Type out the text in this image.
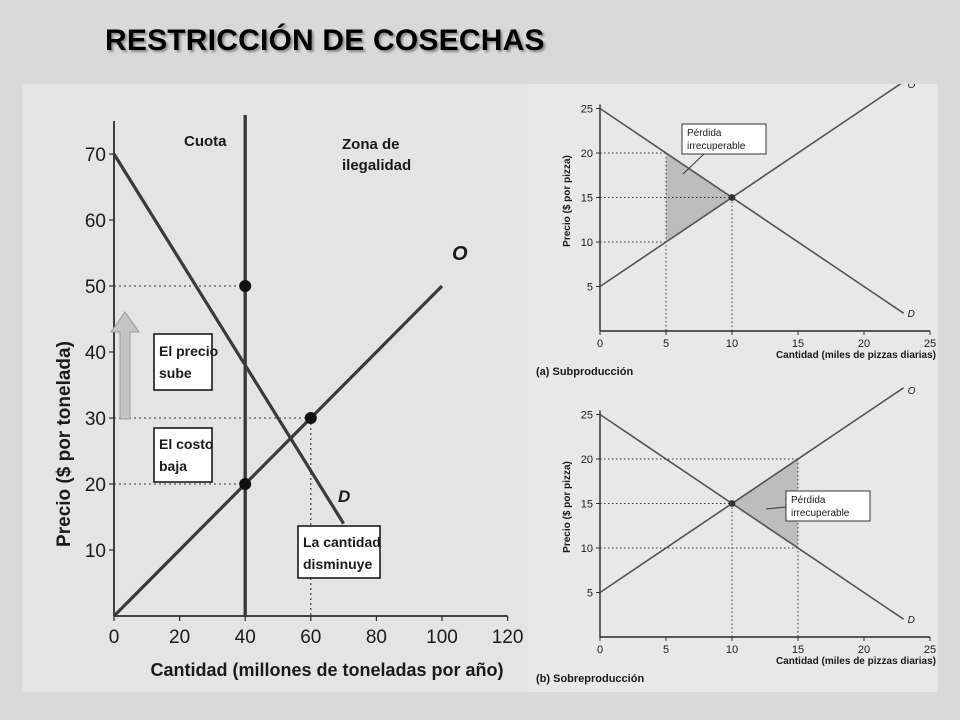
RESTRICCIÓN DE COSECHAS
0	20 40 60 80 100 120
10
20
30
40
50
60
70
Precio ($ por tonelada)
Cantidad (millones de toneladas por año)
Cuota
O
D
Zona de
ilegalidad
El precio
sube
El costo
baja
La cantidad
disminuye
0	5	10	15	20	25
5
10
15
20
25
O
D
Precio ($ por pizza)
Cantidad (miles de pizzas diarias)
Pérdida
irrecuperable
0	5	10	15	20	25
5
10
15
20
25
O
D
Precio ($ por pizza)
Cantidad (miles de pizzas diarias)
Pérdida
irrecuperable
(a) Subproducción
(b) Sobreproducción
